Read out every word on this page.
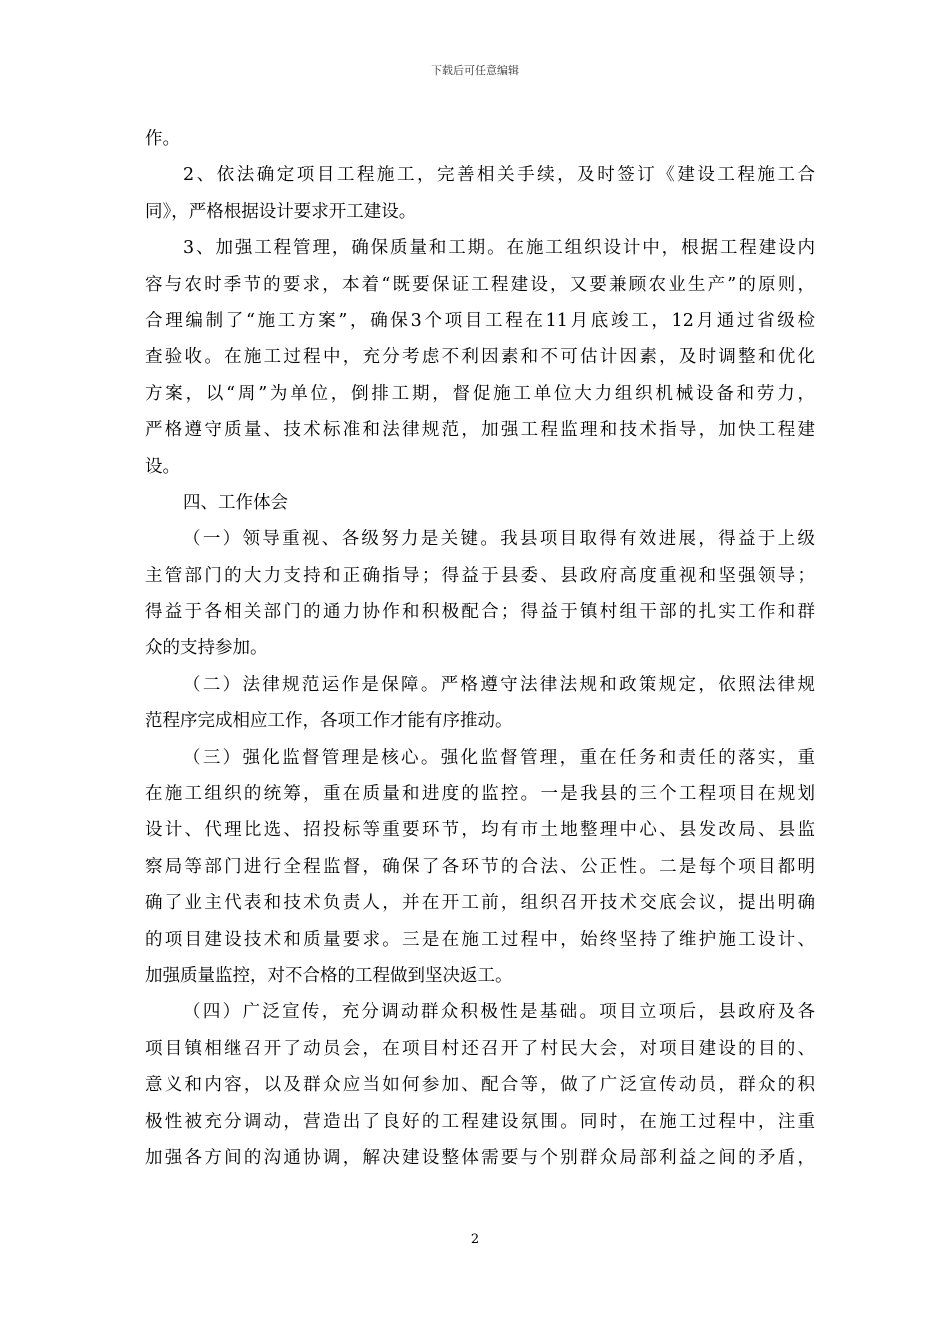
下载后可任意编辑
作。
2、依法确定项目工程施工，完善相关手续，及时签订《建设工程施工合
同》，严格根据设计要求开工建设。
3、加强工程管理，确保质量和工期。在施工组织设计中，根据工程建设内
容与农时季节的要求，本着“既要保证工程建设，又要兼顾农业生产”的原则，
合理编制了“施工方案”，确保3个项目工程在11月底竣工，12月通过省级检
查验收。在施工过程中，充分考虑不利因素和不可估计因素，及时调整和优化
方案，以“周”为单位，倒排工期，督促施工单位大力组织机械设备和劳力，
严格遵守质量、技术标准和法律规范，加强工程监理和技术指导，加快工程建
设。
四、工作体会
（一）领导重视、各级努力是关键。我县项目取得有效进展，得益于上级
主管部门的大力支持和正确指导；得益于县委、县政府高度重视和坚强领导；
得益于各相关部门的通力协作和积极配合；得益于镇村组干部的扎实工作和群
众的支持参加。
（二）法律规范运作是保障。严格遵守法律法规和政策规定，依照法律规
范程序完成相应工作，各项工作才能有序推动。
（三）强化监督管理是核心。强化监督管理，重在任务和责任的落实，重
在施工组织的统筹，重在质量和进度的监控。一是我县的三个工程项目在规划
设计、代理比选、招投标等重要环节，均有市土地整理中心、县发改局、县监
察局等部门进行全程监督，确保了各环节的合法、公正性。二是每个项目都明
确了业主代表和技术负责人，并在开工前，组织召开技术交底会议，提出明确
的项目建设技术和质量要求。三是在施工过程中，始终坚持了维护施工设计、
加强质量监控，对不合格的工程做到坚决返工。
（四）广泛宣传，充分调动群众积极性是基础。项目立项后，县政府及各
项目镇相继召开了动员会，在项目村还召开了村民大会，对项目建设的目的、
意义和内容，以及群众应当如何参加、配合等，做了广泛宣传动员，群众的积
极性被充分调动，营造出了良好的工程建设氛围。同时，在施工过程中，注重
加强各方间的沟通协调，解决建设整体需要与个别群众局部利益之间的矛盾，
2
